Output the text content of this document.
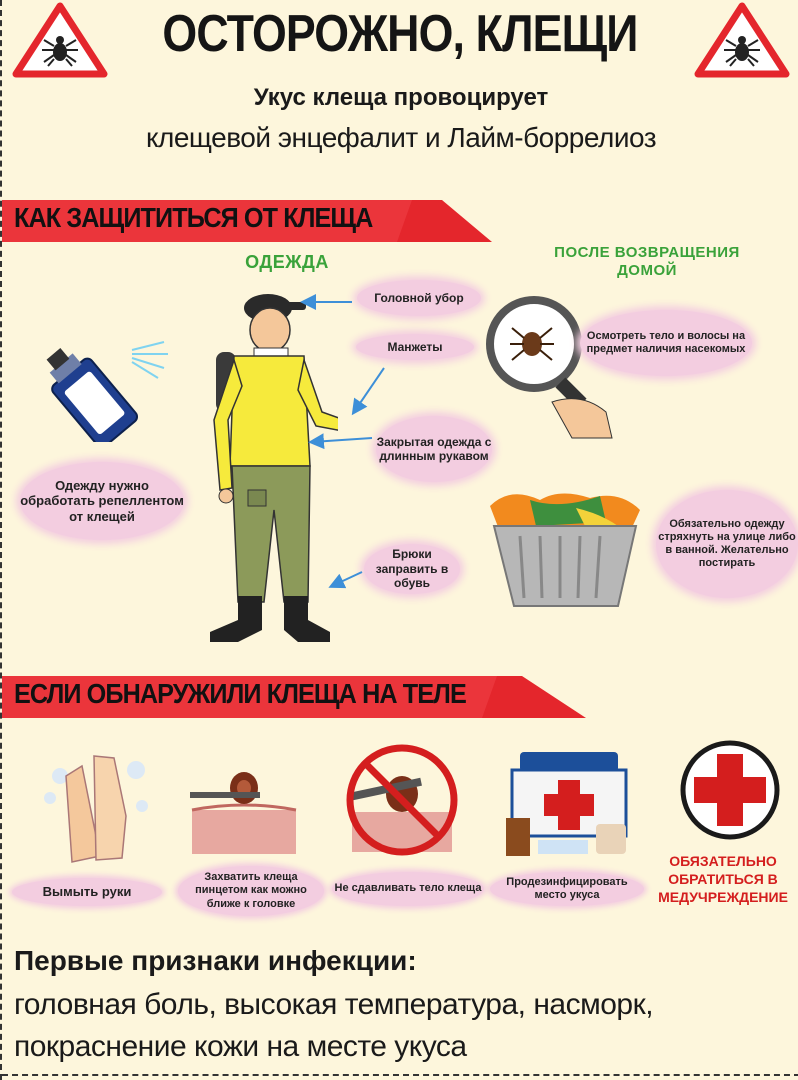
ОСТОРОЖНО, КЛЕЩИ
Укус клеща провоцирует
клещевой энцефалит и Лайм-боррелиоз
КАК ЗАЩИТИТЬСЯ ОТ КЛЕЩА
ОДЕЖДА	ПОСЛЕ ВОЗВРАЩЕНИЯ ДОМОЙ
Одежду нужно обработать репеллентом от клещей
Головной убор
Манжеты
Закрытая одежда с длинным рукавом
Брюки заправить в обувь
Осмотреть тело и волосы на предмет наличия насекомых
Обязательно одежду стряхнуть на улице либо в ванной. Желательно постирать
ЕСЛИ ОБНАРУЖИЛИ КЛЕЩА НА ТЕЛЕ
Вымыть руки
Захватить клеща пинцетом как можно ближе к головке
Не сдавливать тело клеща
Продезинфицировать место укуса
ОБЯЗАТЕЛЬНО ОБРАТИТЬСЯ В МЕДУЧРЕЖДЕНИЕ
Первые признаки инфекции:
головная боль, высокая температура, насморк,
покраснение кожи на месте укуса
